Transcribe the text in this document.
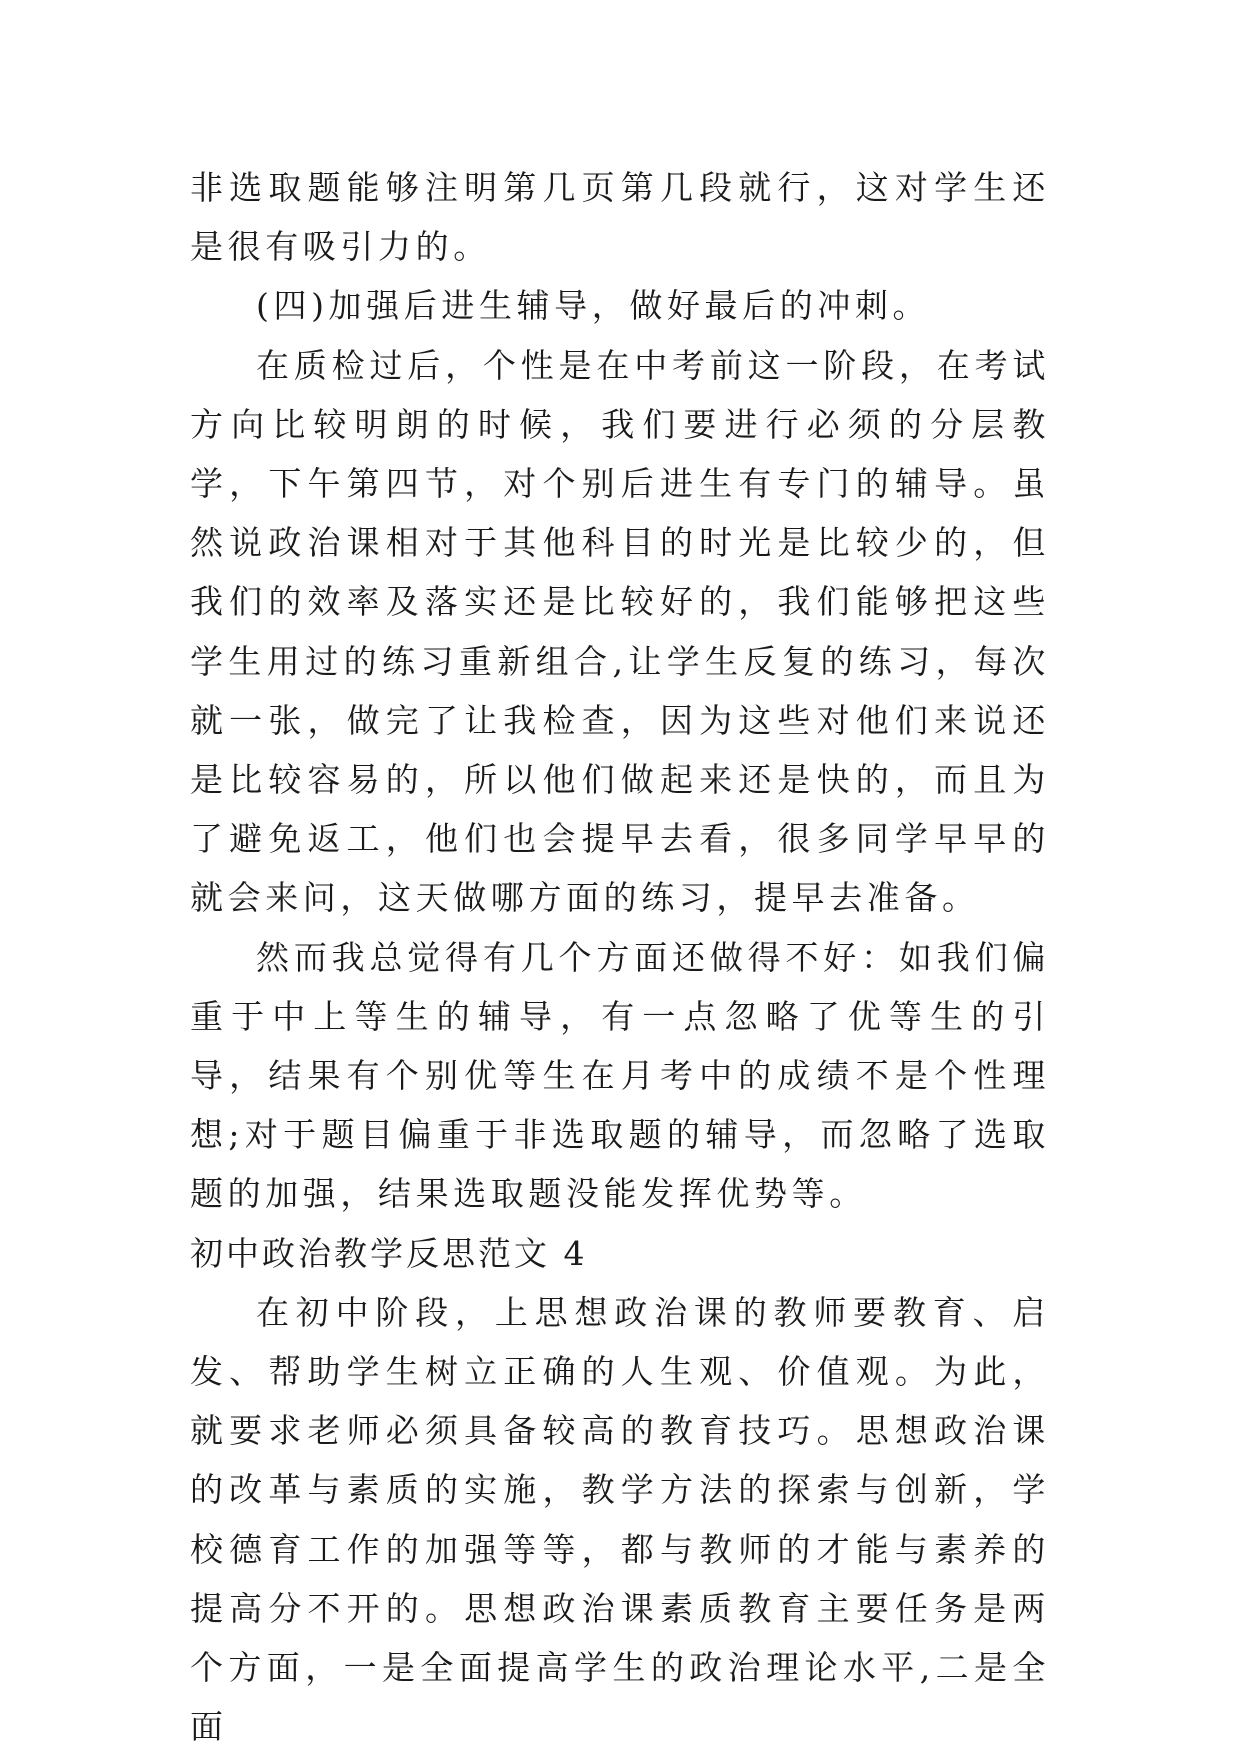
非选取题能够注明第几页第几段就行，这对学生还是很有吸引力的。

(四)加强后进生辅导，做好最后的冲刺。

在质检过后，个性是在中考前这一阶段，在考试方向比较明朗的时候，我们要进行必须的分层教学，下午第四节，对个别后进生有专门的辅导。虽然说政治课相对于其他科目的时光是比较少的，但我们的效率及落实还是比较好的，我们能够把这些学生用过的练习重新组合,让学生反复的练习，每次就一张，做完了让我检查，因为这些对他们来说还是比较容易的，所以他们做起来还是快的，而且为了避免返工，他们也会提早去看，很多同学早早的就会来问，这天做哪方面的练习，提早去准备。

然而我总觉得有几个方面还做得不好：如我们偏重于中上等生的辅导，有一点忽略了优等生的引导，结果有个别优等生在月考中的成绩不是个性理想;对于题目偏重于非选取题的辅导，而忽略了选取题的加强，结果选取题没能发挥优势等。

初中政治教学反思范文 4

在初中阶段，上思想政治课的教师要教育、启发、帮助学生树立正确的人生观、价值观。为此，就要求老师必须具备较高的教育技巧。思想政治课的改革与素质的实施，教学方法的探索与创新，学校德育工作的加强等等，都与教师的才能与素养的提高分不开的。思想政治课素质教育主要任务是两个方面，一是全面提高学生的政治理论水平,二是全面
